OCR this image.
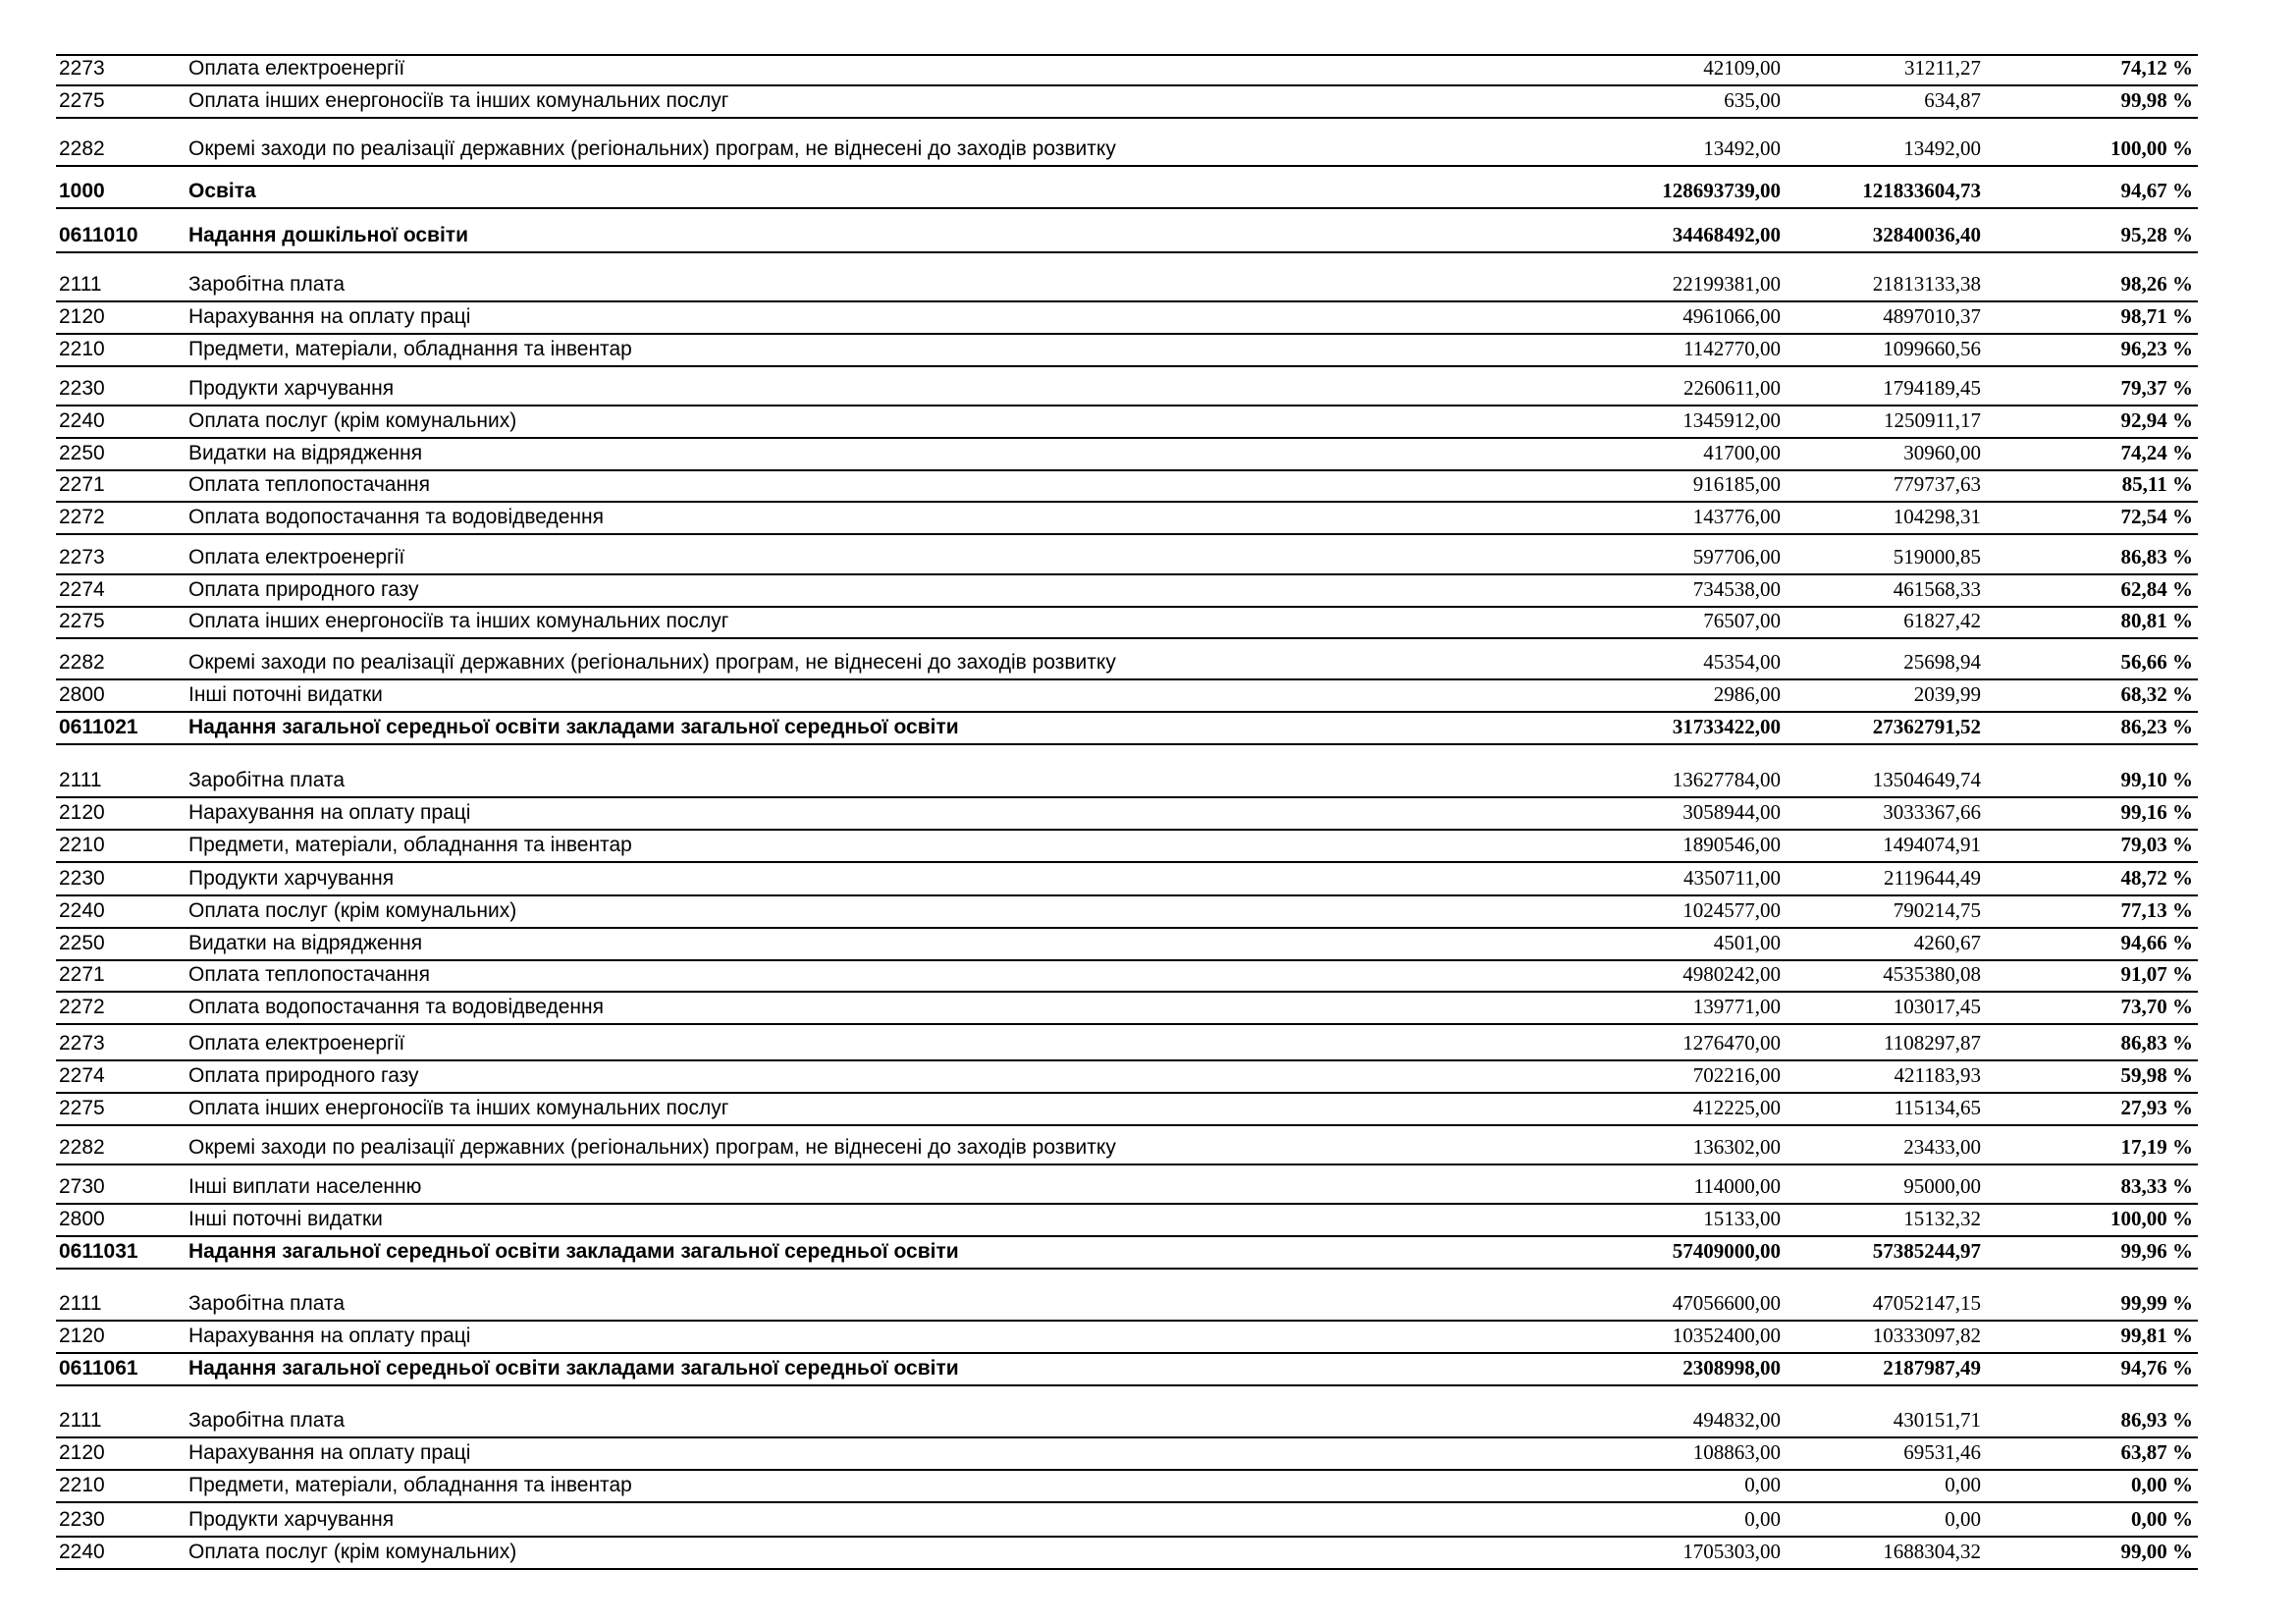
2273	Оплата електроенергії	42109,00	31211,27	74,12 %
2275	Оплата інших енергоносіїв та інших комунальних послуг	635,00	634,87	99,98 %
2282	Окремі заходи по реалізації державних (регіональних) програм, не віднесені до заходів розвитку	13492,00	13492,00	100,00 %
1000	Освіта	128693739,00	121833604,73	94,67 %
0611010 Надання дошкільної освіти	34468492,00	32840036,40	95,28 %
2111	Заробітна плата	22199381,00	21813133,38	98,26 %
2120	Нарахування на оплату праці	4961066,00	4897010,37	98,71 %
2210	Предмети, матеріали, обладнання та інвентар	1142770,00	1099660,56	96,23 %
2230	Продукти харчування	2260611,00	1794189,45	79,37 %
2240	Оплата послуг (крім комунальних)	1345912,00	1250911,17	92,94 %
2250	Видатки на відрядження	41700,00	30960,00	74,24 %
2271	Оплата теплопостачання	916185,00	779737,63	85,11 %
2272	Оплата водопостачання та водовідведення	143776,00	104298,31	72,54 %
2273	Оплата електроенергії	597706,00	519000,85	86,83 %
2274	Оплата природного газу	734538,00	461568,33	62,84 %
2275	Оплата інших енергоносіїв та інших комунальних послуг	76507,00	61827,42	80,81 %
2282	Окремі заходи по реалізації державних (регіональних) програм, не віднесені до заходів розвитку	45354,00	25698,94	56,66 %
2800	Інші поточні видатки	2986,00	2039,99	68,32 %
0611021 Надання загальної середньої освіти закладами загальної середньої освіти	31733422,00	27362791,52	86,23 %
2111	Заробітна плата	13627784,00	13504649,74	99,10 %
2120	Нарахування на оплату праці	3058944,00	3033367,66	99,16 %
2210	Предмети, матеріали, обладнання та інвентар	1890546,00	1494074,91	79,03 %
2230	Продукти харчування	4350711,00	2119644,49	48,72 %
2240	Оплата послуг (крім комунальних)	1024577,00	790214,75	77,13 %
2250	Видатки на відрядження	4501,00	4260,67	94,66 %
2271	Оплата теплопостачання	4980242,00	4535380,08	91,07 %
2272	Оплата водопостачання та водовідведення	139771,00	103017,45	73,70 %
2273	Оплата електроенергії	1276470,00	1108297,87	86,83 %
2274	Оплата природного газу	702216,00	421183,93	59,98 %
2275	Оплата інших енергоносіїв та інших комунальних послуг	412225,00	115134,65	27,93 %
2282	Окремі заходи по реалізації державних (регіональних) програм, не віднесені до заходів розвитку	136302,00	23433,00	17,19 %
2730	Інші виплати населенню	114000,00	95000,00	83,33 %
2800	Інші поточні видатки	15133,00	15132,32	100,00 %
0611031 Надання загальної середньої освіти закладами загальної середньої освіти	57409000,00	57385244,97	99,96 %
2111	Заробітна плата	47056600,00	47052147,15	99,99 %
2120	Нарахування на оплату праці	10352400,00	10333097,82	99,81 %
0611061 Надання загальної середньої освіти закладами загальної середньої освіти	2308998,00	2187987,49	94,76 %
2111	Заробітна плата	494832,00	430151,71	86,93 %
2120	Нарахування на оплату праці	108863,00	69531,46	63,87 %
2210	Предмети, матеріали, обладнання та інвентар	0,00	0,00	0,00 %
2230	Продукти харчування	0,00	0,00	0,00 %
2240	Оплата послуг (крім комунальних)	1705303,00	1688304,32	99,00 %
